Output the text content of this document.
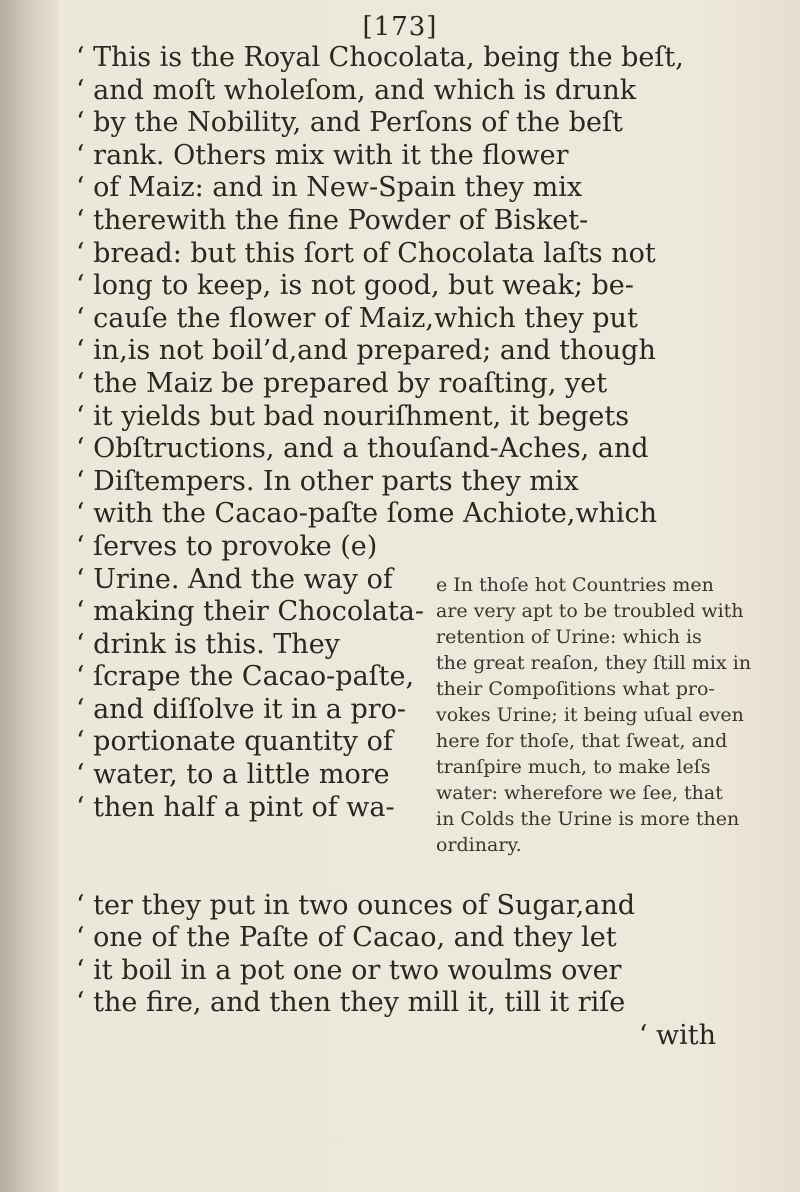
[173]
‘ This is the Royal Chocolata, being the beſt,
‘ and moſt wholeſom, and which is drunk
‘ by the Nobility, and Perſons of the beſt
‘ rank. Others mix with it the flower
‘ of Maiz: and in New-Spain they mix
‘ therewith the fine Powder of Bisket-
‘ bread: but this ſort of Chocolata laſts not
‘ long to keep, is not good, but weak; be-
‘ cauſe the flower of Maiz,which they put
‘ in,is not boil’d,and prepared; and though
‘ the Maiz be prepared by roaſting, yet
‘ it yields but bad nouriſhment, it begets
‘ Obſtructions, and a thouſand-Aches, and
‘ Diſtempers. In other parts they mix
‘ with the Cacao-paſte ſome Achiote,which
‘ ſerves to provoke (e)
‘ Urine. And the way of
‘ making their Chocolata-
‘ drink is this. They
‘ ſcrape the Cacao-paſte,
‘ and diſſolve it in a pro-
‘ portionate quantity of
‘ water, to a little more
‘ then half a pint of wa-
e In thoſe hot Countries men
are very apt to be troubled with
retention of Urine: which is
the great reaſon, they ſtill mix in
their Compoſitions what pro-
vokes Urine; it being uſual even
here for thoſe, that ſweat, and
tranſpire much, to make leſs
water: wherefore we ſee, that
in Colds the Urine is more then
ordinary.
‘ ter they put in two ounces of Sugar,and
‘ one of the Paſte of Cacao, and they let
‘ it boil in a pot one or two woulms over
‘ the fire, and then they mill it, till it riſe
‘ with
